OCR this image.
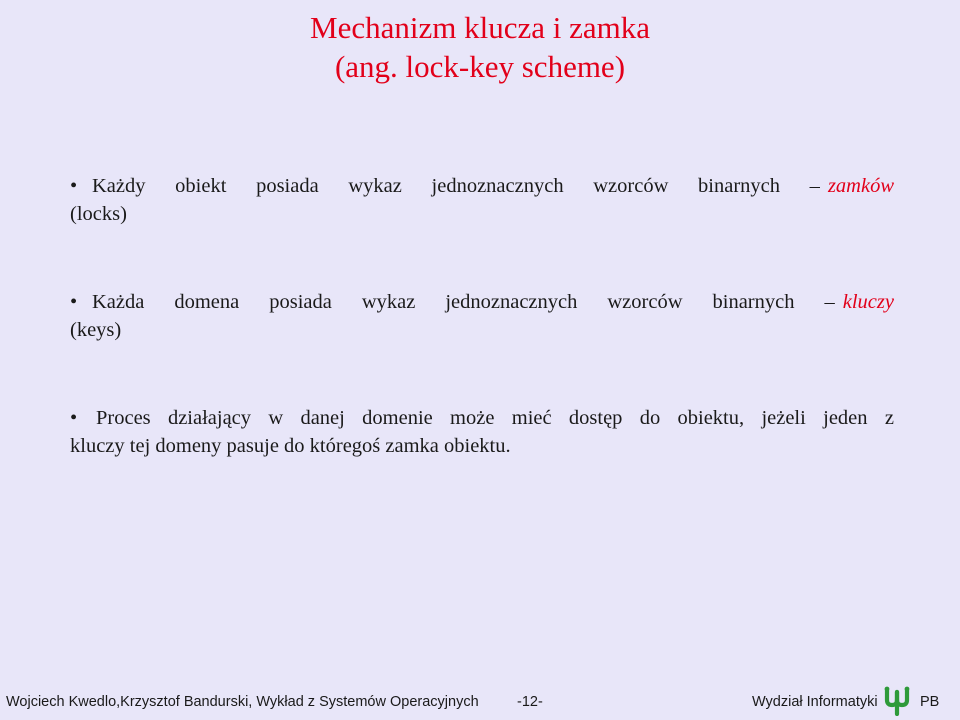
Mechanizm klucza i zamka
(ang. lock-key scheme)
• Każdy obiekt posiada wykaz jednoznacznych wzorców binarnych – zamków
(locks)
• Każda domena posiada wykaz jednoznacznych wzorców binarnych – kluczy
(keys)
• Proces działający w danej domenie może mieć dostęp do obiektu, jeżeli jeden z
kluczy tej domeny pasuje do któregoś zamka obiektu.
Wojciech Kwedlo,Krzysztof Bandurski, Wykład z Systemów Operacyjnych	-12-	Wydział Informatyki	PB
